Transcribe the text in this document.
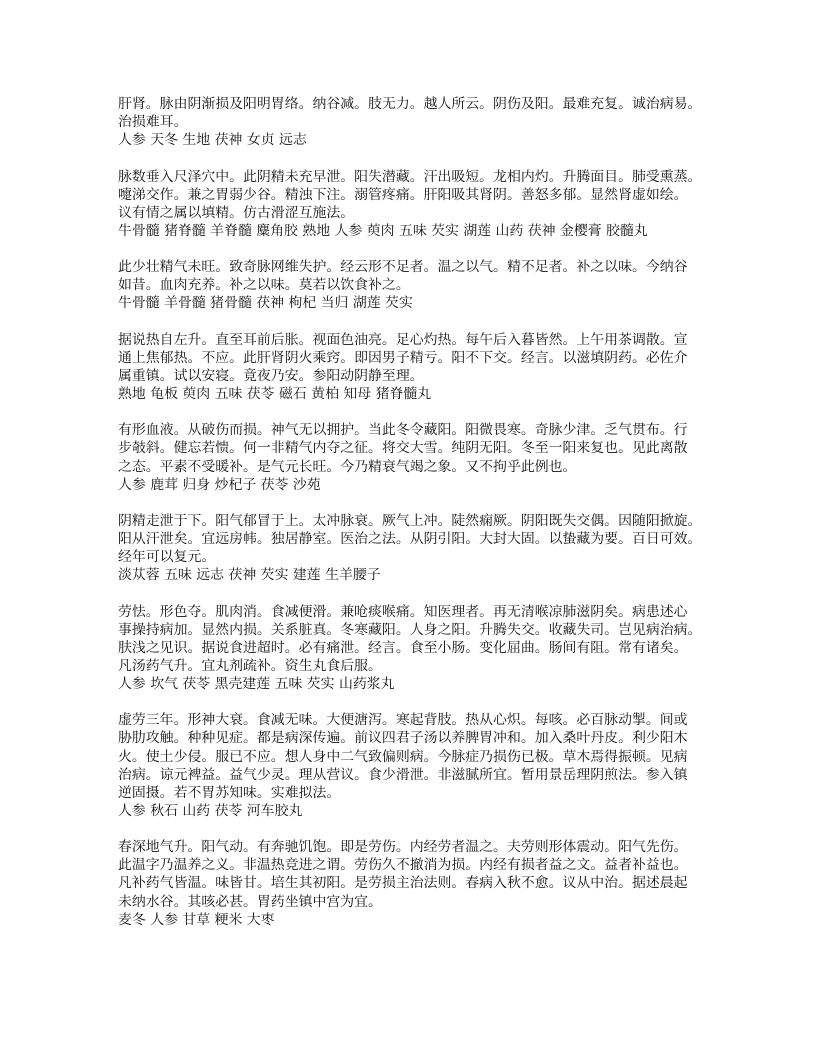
肝肾。脉由阴渐损及阳明胃络。纳谷减。肢无力。越人所云。阴伤及阳。最难充复。诚治病易。
治损难耳。
人参 天冬 生地 茯神 女贞 远志
脉数垂入尺泽穴中。此阴精未充早泄。阳失潜藏。汗出吸短。龙相内灼。升腾面目。肺受熏蒸。
嚏涕交作。兼之胃弱少谷。精浊下注。溺管疼痛。肝阳吸其肾阴。善怒多郁。显然肾虚如绘。
议有情之属以填精。仿古滑涩互施法。
牛骨髓 猪脊髓 羊脊髓 麋角胶 熟地 人参 萸肉 五味 芡实 湖莲 山药 茯神 金樱膏 胶髓丸
此少壮精气未旺。致奇脉网维失护。经云形不足者。温之以气。精不足者。补之以味。今纳谷
如昔。血肉充养。补之以味。莫若以饮食补之。
牛骨髓 羊骨髓 猪骨髓 茯神 枸杞 当归 湖莲 芡实
据说热自左升。直至耳前后胀。视面色油亮。足心灼热。每午后入暮皆然。上午用茶调散。宣
通上焦郁热。不应。此肝肾阴火乘窍。即因男子精亏。阳不下交。经言。以滋填阴药。必佐介
属重镇。试以安寝。竟夜乃安。参阳动阴静至理。
熟地 龟板 萸肉 五味 茯苓 磁石 黄柏 知母 猪脊髓丸
有形血液。从破伤而损。神气无以拥护。当此冬令藏阳。阳微畏寒。奇脉少津。乏气贯布。行
步攲斜。健忘若愦。何一非精气内夺之征。将交大雪。纯阴无阳。冬至一阳来复也。见此离散
之态。平素不受暖补。是气元长旺。今乃精衰气竭之象。又不拘乎此例也。
人参 鹿茸 归身 炒杞子 茯苓 沙苑
阴精走泄于下。阳气郁冒于上。太冲脉衰。厥气上冲。陡然痫厥。阴阳既失交偶。因随阳掀旋。
阳从汗泄矣。宜远房帏。独居静室。医治之法。从阴引阳。大封大固。以蛰藏为要。百日可效。
经年可以复元。
淡苁蓉 五味 远志 茯神 芡实 建莲 生羊腰子
劳怯。形色夺。肌肉消。食减便滑。兼呛痰喉痛。知医理者。再无清喉凉肺滋阴矣。病患述心
事操持病加。显然内损。关系脏真。冬寒藏阳。人身之阳。升腾失交。收藏失司。岂见病治病。
肤浅之见识。据说食进超时。必有痛泄。经言。食至小肠。变化屈曲。肠间有阻。常有诸矣。
凡汤药气升。宜丸剂疏补。资生丸食后服。
人参 坎气 茯苓 黑壳建莲 五味 芡实 山药浆丸
虚劳三年。形神大衰。食减无味。大便溏泻。寒起背肢。热从心炽。每咳。必百脉动掣。间或
胁肋攻触。种种见症。都是病深传遍。前议四君子汤以养脾胃冲和。加入桑叶丹皮。利少阳木
火。使土少侵。服已不应。想人身中二气致偏则病。今脉症乃损伤已极。草木焉得振顿。见病
治病。谅元裨益。益气少灵。理从营议。食少滑泄。非滋腻所宜。暂用景岳理阴煎法。参入镇
逆固摄。若不胃苏知味。实难拟法。
人参 秋石 山药 茯苓 河车胶丸
春深地气升。阳气动。有奔驰饥饱。即是劳伤。内经劳者温之。夫劳则形体震动。阳气先伤。
此温字乃温养之义。非温热竞进之谓。劳伤久不撤消为损。内经有损者益之文。益者补益也。
凡补药气皆温。味皆甘。培生其初阳。是劳损主治法则。春病入秋不愈。议从中治。据述晨起
未纳水谷。其咳必甚。胃药坐镇中宫为宜。
麦冬 人参 甘草 粳米 大枣
